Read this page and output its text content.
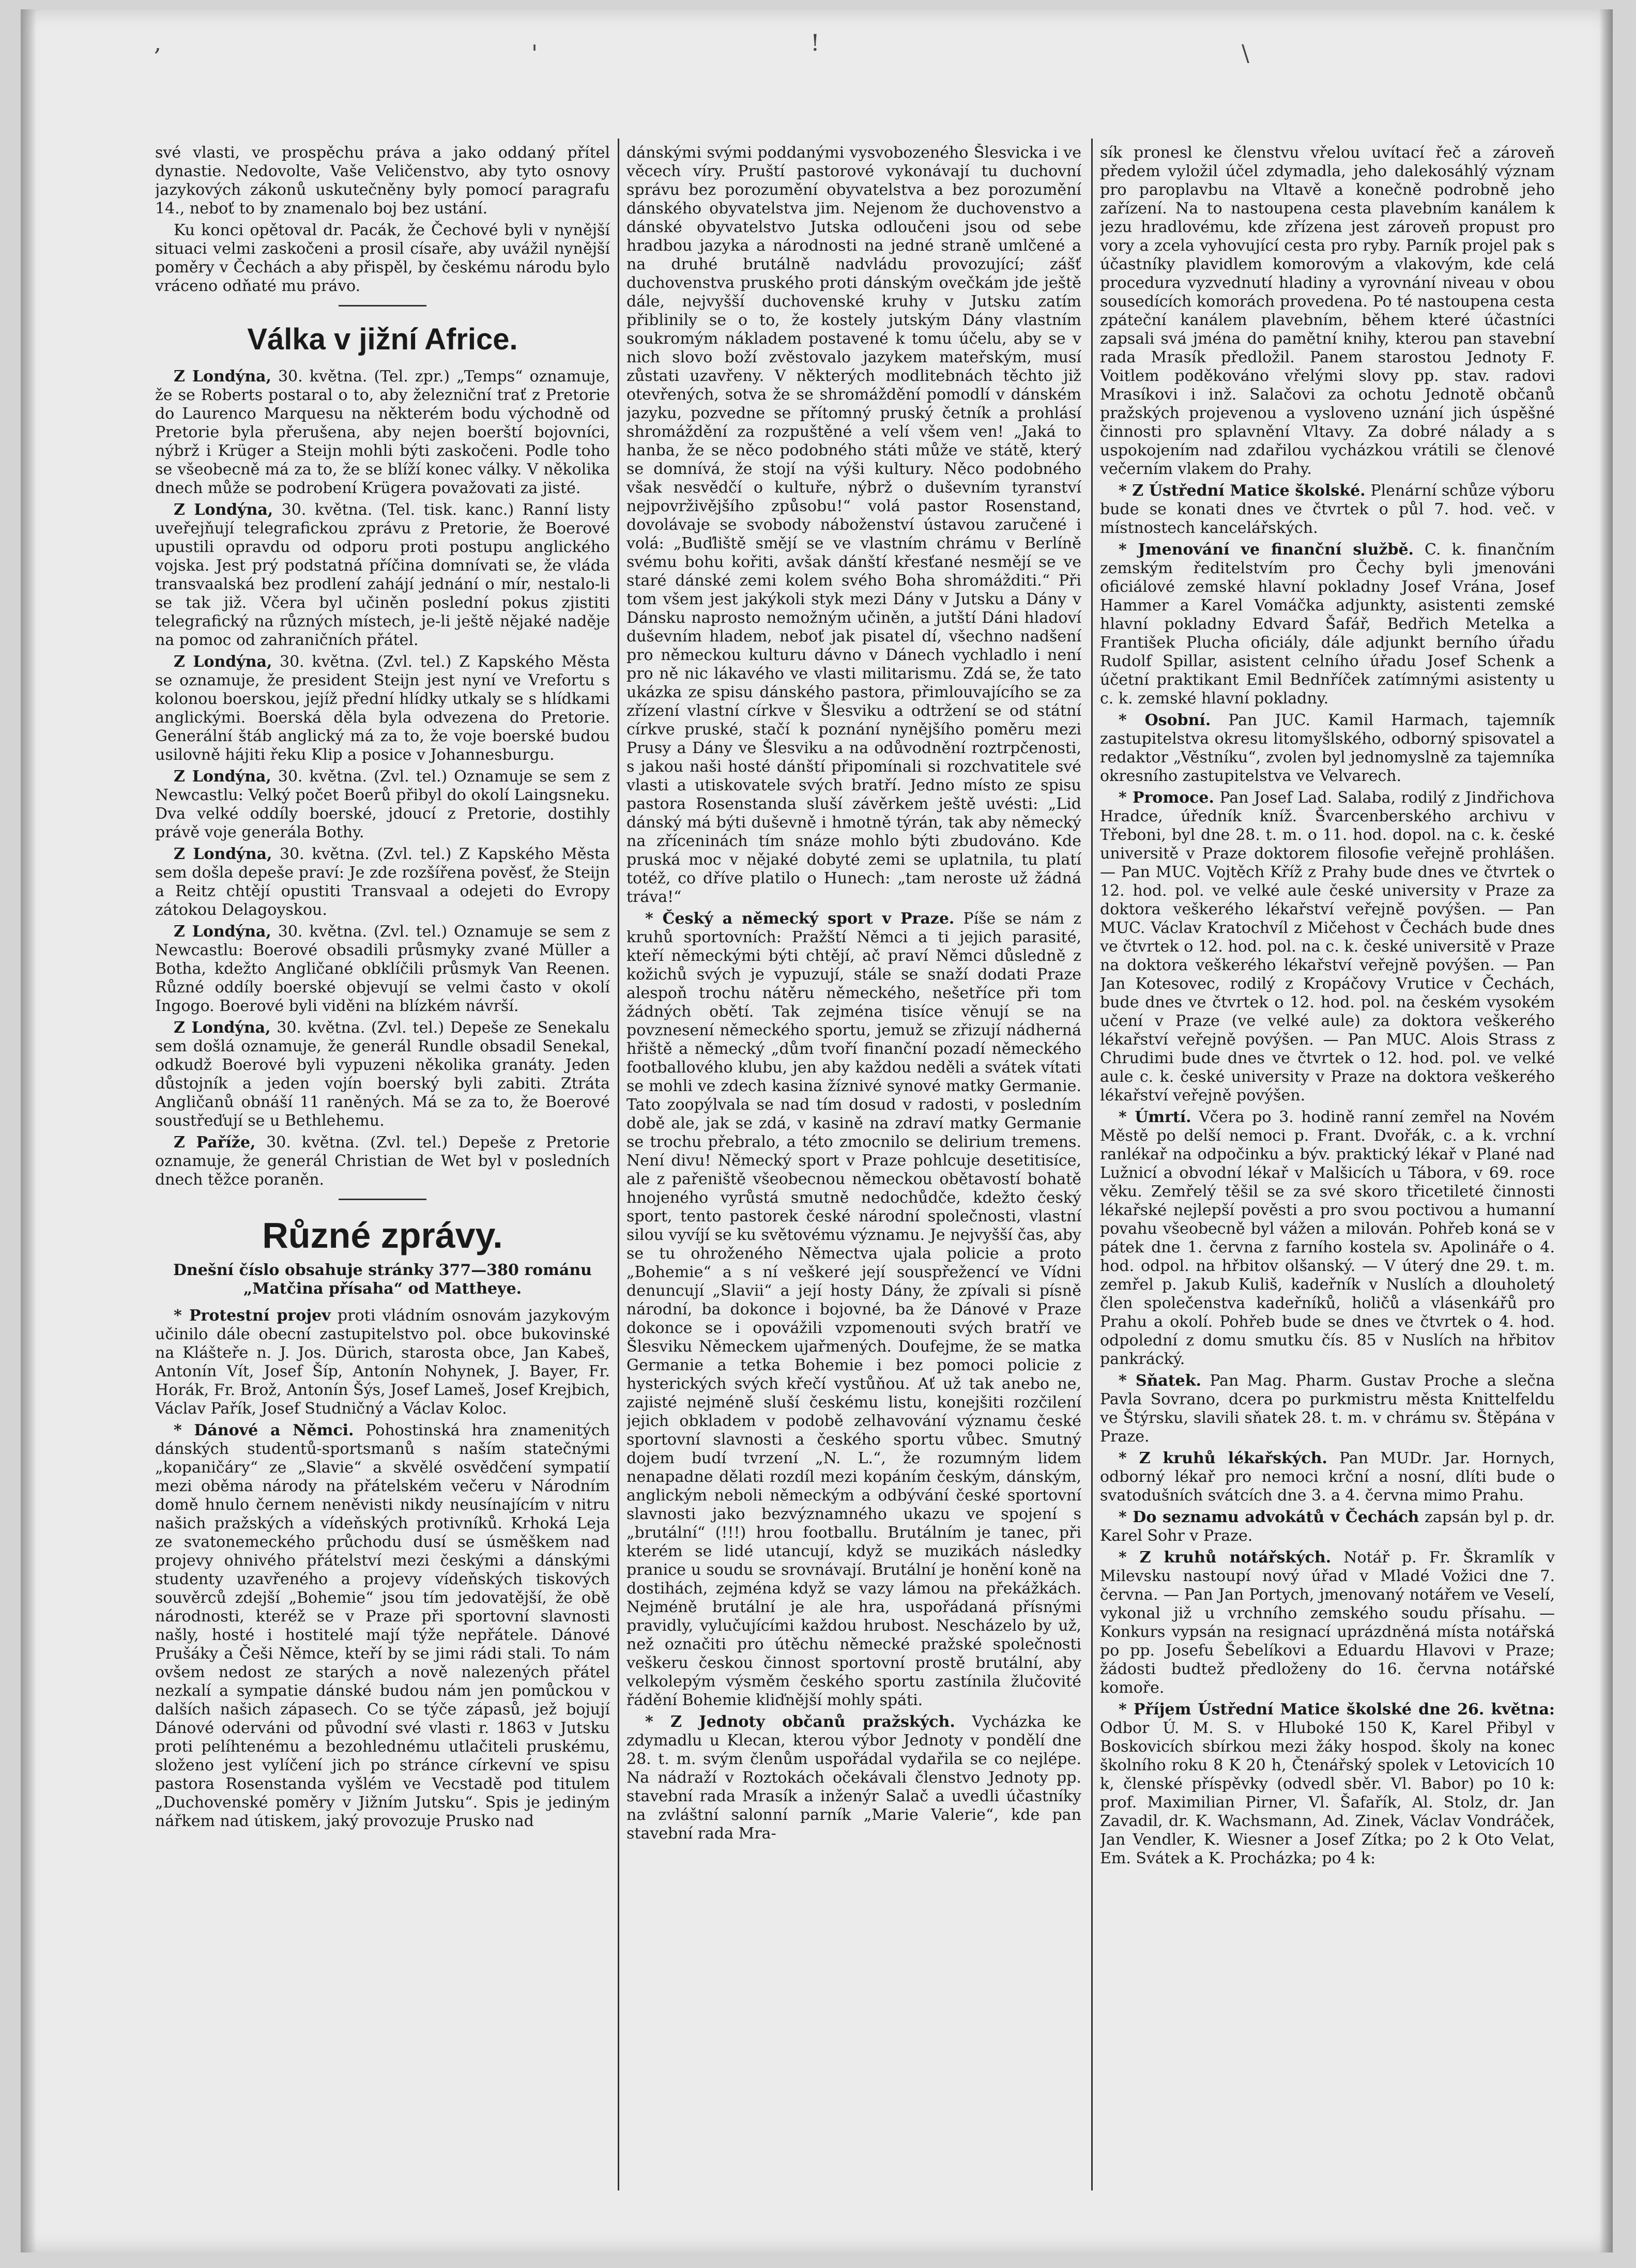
,	'	!	\

své vlasti, ve prospěchu práva a jako oddaný přítel dynastie. Nedovolte, Vaše Veličenstvo, aby tyto osnovy jazykových zákonů uskutečněny byly pomocí paragrafu 14., neboť to by znamenalo boj bez ustání.

Ku konci opětoval dr. Pacák, že Čechové byli v nynější situaci velmi zaskočeni a prosil císaře, aby uvážil nynější poměry v Čechách a aby přispěl, by českému národu bylo vráceno odňaté mu právo.

Válka v jižní Africe.

Z Londýna, 30. května. (Tel. zpr.) „Temps“ oznamuje, že se Roberts postaral o to, aby železniční trať z Pretorie do Laurenco Marquesu na některém bodu východně od Pretorie byla přerušena, aby nejen boerští bojovníci, nýbrž i Krüger a Steijn mohli býti zaskočeni. Podle toho se všeobecně má za to, že se blíží konec války. V několika dnech může se podrobení Krügera považovati za jisté.

Z Londýna, 30. května. (Tel. tisk. kanc.) Ranní listy uveřejňují telegrafickou zprávu z Pretorie, že Boerové upustili opravdu od odporu proti postupu anglického vojska. Jest prý podstatná příčina domnívati se, že vláda transvaalská bez prodlení zahájí jednání o mír, nestalo-li se tak již. Včera byl učiněn poslední pokus zjistiti telegrafický na různých místech, je-li ještě nějaké naděje na pomoc od zahraničních přátel.

Z Londýna, 30. května. (Zvl. tel.) Z Kapského Města se oznamuje, že president Steijn jest nyní ve Vrefortu s kolonou boerskou, jejíž přední hlídky utkaly se s hlídkami anglickými. Boerská děla byla odvezena do Pretorie. Generální štáb anglický má za to, že voje boerské budou usilovně hájiti řeku Klip a posice v Johannesburgu.

Z Londýna, 30. května. (Zvl. tel.) Oznamuje se sem z Newcastlu: Velký počet Boerů přibyl do okolí Laingsneku. Dva velké oddíly boerské, jdoucí z Pretorie, dostihly právě voje generála Bothy.

Z Londýna, 30. května. (Zvl. tel.) Z Kapského Města sem došla depeše praví: Je zde rozšířena pověsť, že Steijn a Reitz chtějí opustiti Transvaal a odejeti do Evropy zátokou Delagoyskou.

Z Londýna, 30. května. (Zvl. tel.) Oznamuje se sem z Newcastlu: Boerové obsadili průsmyky zvané Müller a Botha, kdežto Angličané obklíčili průsmyk Van Reenen. Různé oddíly boerské objevují se velmi často v okolí Ingogo. Boerové byli viděni na blízkém návrší.

Z Londýna, 30. května. (Zvl. tel.) Depeše ze Senekalu sem došlá oznamuje, že generál Rundle obsadil Senekal, odkudž Boerové byli vypuzeni několika granáty. Jeden důstojník a jeden vojín boerský byli zabiti. Ztráta Angličanů obnáší 11 raněných. Má se za to, že Boerové soustřeďují se u Bethlehemu.

Z Paříže, 30. května. (Zvl. tel.) Depeše z Pretorie oznamuje, že generál Christian de Wet byl v posledních dnech těžce poraněn.

Různé zprávy.
Dnešní číslo obsahuje stránky 377—380 románu „Matčina přísaha“ od Mattheye.

* Protestní projev proti vládním osnovám jazykovým učinilo dále obecní zastupitelstvo pol. obce bukovinské na Klášteře n. J. Jos. Dürich, starosta obce, Jan Kabeš, Antonín Vít, Josef Šíp, Antonín Nohynek, J. Bayer, Fr. Horák, Fr. Brož, Antonín Šýs, Josef Lameš, Josef Krejbich, Václav Pařík, Josef Studničný a Václav Koloc.

* Dánové a Němci. Pohostinská hra znamenitých dánských studentů-sportsmanů s naším statečnými „kopaničáry“ ze „Slavie“ a skvělé osvědčení sympatií mezi oběma národy na přátelském večeru v Národním domě hnulo černem neněvisti nikdy neusínajícím v nitru našich pražských a vídeňských protivníků. Krhoká Leja ze svatonemeckého průchodu dusí se úsměškem nad projevy ohnivého přátelství mezi českými a dánskými studenty uzavřeného a projevy vídeňských tiskových souvěrců zdejší „Bohemie“ jsou tím jedovatější, že obě národnosti, kteréž se v Praze při sportovní slavnosti našly, hosté i hostitelé mají týže nepřátele. Dánové Prušáky a Češi Němce, kteří by se jimi rádi stali. To nám ovšem nedost ze starých a nově nalezených přátel nezkalí a sympatie dánské budou nám jen pomůckou v dalších našich zápasech. Co se týče zápasů, jež bojují Dánové oderváni od původní své vlasti r. 1863 v Jutsku proti pelíhtenému a bezohlednému utlačiteli pruskému, složeno jest vylíčení jich po stránce církevní ve spisu pastora Rosenstanda vyšlém ve Vecstadě pod titulem „Duchovenské poměry v Jižním Jutsku“. Spis je jediným nářkem nad útiskem, jaký provozuje Prusko nad

dánskými svými poddanými vysvobozeného Šlesvicka i ve věcech víry. Pruští pastorové vykonávají tu duchovní správu bez porozumění obyvatelstva a bez porozumění dánského obyvatelstva jim. Nejenom že duchovenstvo a dánské obyvatelstvo Jutska odloučeni jsou od sebe hradbou jazyka a národnosti na jedné straně umlčené a na druhé brutálně nadvládu provozující; zášť duchovenstva pruského proti dánským ovečkám jde ještě dále, nejvyšší duchovenské kruhy v Jutsku zatím přiblinily se o to, že kostely jutským Dány vlastním soukromým nákladem postavené k tomu účelu, aby se v nich slovo boží zvěstovalo jazykem mateřským, musí zůstati uzavřeny. V některých modlitebnách těchto již otevřených, sotva že se shromáždění pomodlí v dánském jazyku, pozvedne se přítomný pruský četník a prohlásí shromáždění za rozpuštěné a velí všem ven! „Jaká to hanba, že se něco podobného státi může ve státě, který se domnívá, že stojí na výši kultury. Něco podobného však nesvědčí o kultuře, nýbrž o duševním tyranství nejpovrživějšího způsobu!“ volá pastor Rosenstand, dovolávaje se svobody náboženství ústavou zaručené i volá: „Buďliště smějí se ve vlastním chrámu v Berlíně svému bohu kořiti, avšak dánští křesťané nesmějí se ve staré dánské zemi kolem svého Boha shromážditi.“ Při tom všem jest jakýkoli styk mezi Dány v Jutsku a Dány v Dánsku naprosto nemožným učiněn, a jutští Dáni hladoví duševním hladem, neboť jak pisatel dí, všechno nadšení pro německou kulturu dávno v Dánech vychladlo i není pro ně nic lákavého ve vlasti militarismu. Zdá se, že tato ukázka ze spisu dánského pastora, přimlouvajícího se za zřízení vlastní církve v Šlesviku a odtržení se od státní církve pruské, stačí k poznání nynějšího poměru mezi Prusy a Dány ve Šlesviku a na odůvodnění roztrpčenosti, s jakou naši hosté dánští připomínali si rozchvatitele své vlasti a utiskovatele svých bratří. Jedno místo ze spisu pastora Rosenstanda sluší závěrkem ještě uvésti: „Lid dánský má býti duševně i hmotně týrán, tak aby německý na zříceninách tím snáze mohlo býti zbudováno. Kde pruská moc v nějaké dobyté zemi se uplatnila, tu platí totéž, co dříve platilo o Hunech: „tam neroste už žádná tráva!“

* Český a německý sport v Praze. Píše se nám z kruhů sportovních: Pražští Němci a ti jejich parasité, kteří německými býti chtějí, ač praví Němci důsledně z kožichů svých je vypuzují, stále se snaží dodati Praze alespoň trochu nátěru německého, nešetříce při tom žádných obětí. Tak zejména tisíce věnují se na povznesení německého sportu, jemuž se zřizují nádherná hřiště a německý „dům tvoří finanční pozadí německého footballového klubu, jen aby každou neděli a svátek vítati se mohli ve zdech kasina žíznivé synové matky Germanie. Tato zoopýlvala se nad tím dosud v radosti, v posledním době ale, jak se zdá, v kasině na zdraví matky Germanie se trochu přebralo, a této zmocnilo se delirium tremens. Není divu! Německý sport v Praze pohlcuje desetitisíce, ale z pařeniště všeobecnou německou obětavostí bohatě hnojeného vyrůstá smutně nedochůdče, kdežto český sport, tento pastorek české národní společnosti, vlastní silou vyvíjí se ku světovému významu. Je nejvyšší čas, aby se tu ohroženého Němectva ujala policie a proto „Bohemie“ a s ní veškeré její souspřežencí ve Vídni denuncují „Slavii“ a její hosty Dány, že zpívali si písně národní, ba dokonce i bojovné, ba že Dánové v Praze dokonce se i opovážili vzpomenouti svých bratří ve Šlesviku Německem ujařmených. Doufejme, že se matka Germanie a tetka Bohemie i bez pomoci policie z hysterických svých křečí vystůňou. Ať už tak anebo ne, zajisté nejméně sluší českému listu, konejšiti rozčilení jejich obkladem v podobě zelhavování významu české sportovní slavnosti a českého sportu vůbec. Smutný dojem budí tvrzení „N. L.“, že rozumným lidem nenapadne dělati rozdíl mezi kopáním českým, dánským, anglickým neboli německým a odbývání české sportovní slavnosti jako bezvýznamného ukazu ve spojení s „brutální“ (!!!) hrou footballu. Brutálním je tanec, při kterém se lidé utancují, když se muzikách následky pranice u soudu se srovnávají. Brutální je honění koně na dostihách, zejména když se vazy lámou na překážkách. Nejméně brutální je ale hra, uspořádaná přísnými pravidly, vylučujícími každou hrubost. Nescházelo by už, než označiti pro útěchu německé pražské společnosti veškeru českou činnost sportovní prostě brutální, aby velkolepým výsměm českého sportu zastínila žlučovité řádění Bohemie kliďnější mohly spáti.

* Z Jednoty občanů pražských. Vycházka ke zdymadlu u Klecan, kterou výbor Jednoty v pondělí dne 28. t. m. svým členům uspořádal vydařila se co nejlépe. Na nádraží v Roztokách očekávali členstvo Jednoty pp. stavební rada Mrasík a inženýr Salač a uvedli účastníky na zvláštní salonní parník „Marie Valerie“, kde pan stavební rada Mra-

sík pronesl ke členstvu vřelou uvítací řeč a zároveň předem vyložil účel zdymadla, jeho dalekosáhlý význam pro paroplavbu na Vltavě a konečně podrobně jeho zařízení. Na to nastoupena cesta plavebním kanálem k jezu hradlovému, kde zřízena jest zároveň propust pro vory a zcela vyhovující cesta pro ryby. Parník projel pak s účastníky plavidlem komorovým a vlakovým, kde celá procedura vyzvednutí hladiny a vyrovnání niveau v obou sousedících komorách provedena. Po té nastoupena cesta zpáteční kanálem plavebním, během které účastníci zapsali svá jména do pamětní knihy, kterou pan stavební rada Mrasík předložil. Panem starostou Jednoty F. Voitlem poděkováno vřelými slovy pp. stav. radovi Mrasíkovi i inž. Salačovi za ochotu Jednotě občanů pražských projevenou a vysloveno uznání jich úspěšné činnosti pro splavnění Vltavy. Za dobré nálady a s uspokojením nad zdařilou vycházkou vrátili se členové večerním vlakem do Prahy.

* Z Ústřední Matice školské. Plenární schůze výboru bude se konati dnes ve čtvrtek o půl 7. hod. več. v místnostech kancelářských.

* Jmenování ve finanční službě. C. k. finančním zemským ředitelstvím pro Čechy byli jmenováni oficiálové zemské hlavní pokladny Josef Vrána, Josef Hammer a Karel Vomáčka adjunkty, asistenti zemské hlavní pokladny Edvard Šafář, Bedřich Metelka a František Plucha oficiály, dále adjunkt berního úřadu Rudolf Spillar, asistent celního úřadu Josef Schenk a účetní praktikant Emil Bednříček zatímnými asistenty u c. k. zemské hlavní pokladny.

* Osobní. Pan JUC. Kamil Harmach, tajemník zastupitelstva okresu litomyšlského, odborný spisovatel a redaktor „Věstníku“, zvolen byl jednomyslně za tajemníka okresního zastupitelstva ve Velvarech.

* Promoce. Pan Josef Lad. Salaba, rodilý z Jindřichova Hradce, úředník kníž. Švarcenberského archivu v Třeboni, byl dne 28. t. m. o 11. hod. dopol. na c. k. české universitě v Praze doktorem filosofie veřejně prohlášen. — Pan MUC. Vojtěch Kříž z Prahy bude dnes ve čtvrtek o 12. hod. pol. ve velké aule české university v Praze za doktora veškerého lékařství veřejně povýšen. — Pan MUC. Václav Kratochvíl z Mičehost v Čechách bude dnes ve čtvrtek o 12. hod. pol. na c. k. české universitě v Praze na doktora veškerého lékařství veřejně povýšen. — Pan Jan Kotesovec, rodilý z Kropáčovy Vrutice v Čechách, bude dnes ve čtvrtek o 12. hod. pol. na českém vysokém učení v Praze (ve velké aule) za doktora veškerého lékařství veřejně povýšen. — Pan MUC. Alois Strass z Chrudimi bude dnes ve čtvrtek o 12. hod. pol. ve velké aule c. k. české university v Praze na doktora veškerého lékařství veřejně povýšen.

* Úmrtí. Včera po 3. hodině ranní zemřel na Novém Městě po delší nemoci p. Frant. Dvořák, c. a k. vrchní ranlékař na odpočinku a býv. praktický lékař v Plané nad Lužnicí a obvodní lékař v Malšicích u Tábora, v 69. roce věku. Zemřelý těšil se za své skoro třicetileté činnosti lékařské nejlepší pověsti a pro svou poctivou a humanní povahu všeobecně byl vážen a milován. Pohřeb koná se v pátek dne 1. června z farního kostela sv. Apolináře o 4. hod. odpol. na hřbitov olšanský. — V úterý dne 29. t. m. zemřel p. Jakub Kuliš, kadeřník v Nuslích a dlouholetý člen společenstva kadeřníků, holičů a vlásenkářů pro Prahu a okolí. Pohřeb bude se dnes ve čtvrtek o 4. hod. odpolední z domu smutku čís. 85 v Nuslích na hřbitov pankrácký.

* Sňatek. Pan Mag. Pharm. Gustav Proche a slečna Pavla Sovrano, dcera po purkmistru města Knittelfeldu ve Štýrsku, slavili sňatek 28. t. m. v chrámu sv. Štěpána v Praze.

* Z kruhů lékařských. Pan MUDr. Jar. Hornych, odborný lékař pro nemoci krční a nosní, dlíti bude o svatodušních svátcích dne 3. a 4. června mimo Prahu.

* Do seznamu advokátů v Čechách zapsán byl p. dr. Karel Sohr v Praze.

* Z kruhů notářských. Notář p. Fr. Škramlík v Milevsku nastoupí nový úřad v Mladé Vožici dne 7. června. — Pan Jan Portych, jmenovaný notářem ve Veselí, vykonal již u vrchního zemského soudu přísahu. — Konkurs vypsán na resignací uprázdněná místa notářská po pp. Josefu Šebelíkovi a Eduardu Hlavovi v Praze; žádosti budtež předloženy do 16. června notářské komoře.

* Příjem Ústřední Matice školské dne 26. května: Odbor Ú. M. S. v Hluboké 150 K, Karel Přibyl v Boskovicích sbírkou mezi žáky hospod. školy na konec školního roku 8 K 20 h, Čtenářský spolek v Letovicích 10 k, členské příspěvky (odvedl sběr. Vl. Babor) po 10 k: prof. Maximilian Pirner, Vl. Šafařík, Al. Stolz, dr. Jan Zavadil, dr. K. Wachsmann, Ad. Zinek, Václav Vondráček, Jan Vendler, K. Wiesner a Josef Zítka; po 2 k Oto Velat, Em. Svátek a K. Procházka; po 4 k:
